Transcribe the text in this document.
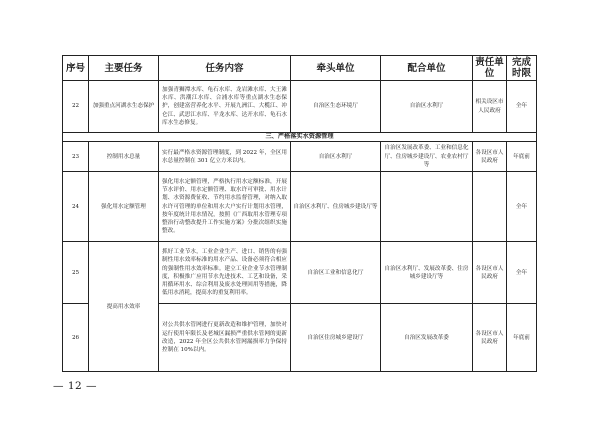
序号	主要任务	任务内容	牵头单位	配合单位	责任单位	完成时限
22	加强重点河湖水生态保护	加强青狮潭水库、龟石水库、龙岩滩水库、大王滩水库、洪潮江水库、合浦水库等重点湖水生态保护，创建富营养化水平、开展九洲江、大榄江、冲仑江、武思江水库、平龙水库、达开水库、龟石水库水生态修复。	自治区生态环境厅	自治区水利厅	相关设区市人民政府	全年
三、严格落实水资源管理						
23	控制用水总量	实行最严格水资源管理制度，到 2022 年，全区用水总量控制在 301 亿立方米以内。	自治区水利厅	自治区发展改革委、工业和信息化厅、住房城乡建设厅、农业农村厅等	各设区市人民政府	年底前
24	强化用水定额管理	强化用水定额管理，严格执行用水定额标准，开展节水评价、用水定额管理、取水许可审批、用水计划、水资源费征收、节约用水监督管理，对纳入取水许可管理的单位和用水大户实行计划用水管理，按年度统计用水情况，按照《广西取用水管理专项整治行动整改提升工作实施方案》分批次组织实施整改。	自治区水利厅、住房城乡建设厅等			全年
25	提高用水效率	抓好工业节水，工业企业生产、进口、销售的有强制性用水效率标准的用水产品、设备必须符合相应的强制性用水效率标准。建立工业企业节水管理制度，积极推广应用节水先进技术、工艺和设备，采用循环用水、综合利用及废水处理回用等措施，降低用水消耗，提高水的重复利用率。	自治区工业和信息化厅	自治区水利厅、发展改革委、住房城乡建设厅等	各设区市人民政府	全年
26		对公共供水管网进行更新改造和维护管理，加快对运行使用年限长及老城区漏损严重供水管网的更新改造，2022 年全区公共供水管网漏损率力争保持控制在 10%以内。	自治区住房城乡建设厅	自治区发展改革委	各设区市人民政府	年底前
— 12 —
